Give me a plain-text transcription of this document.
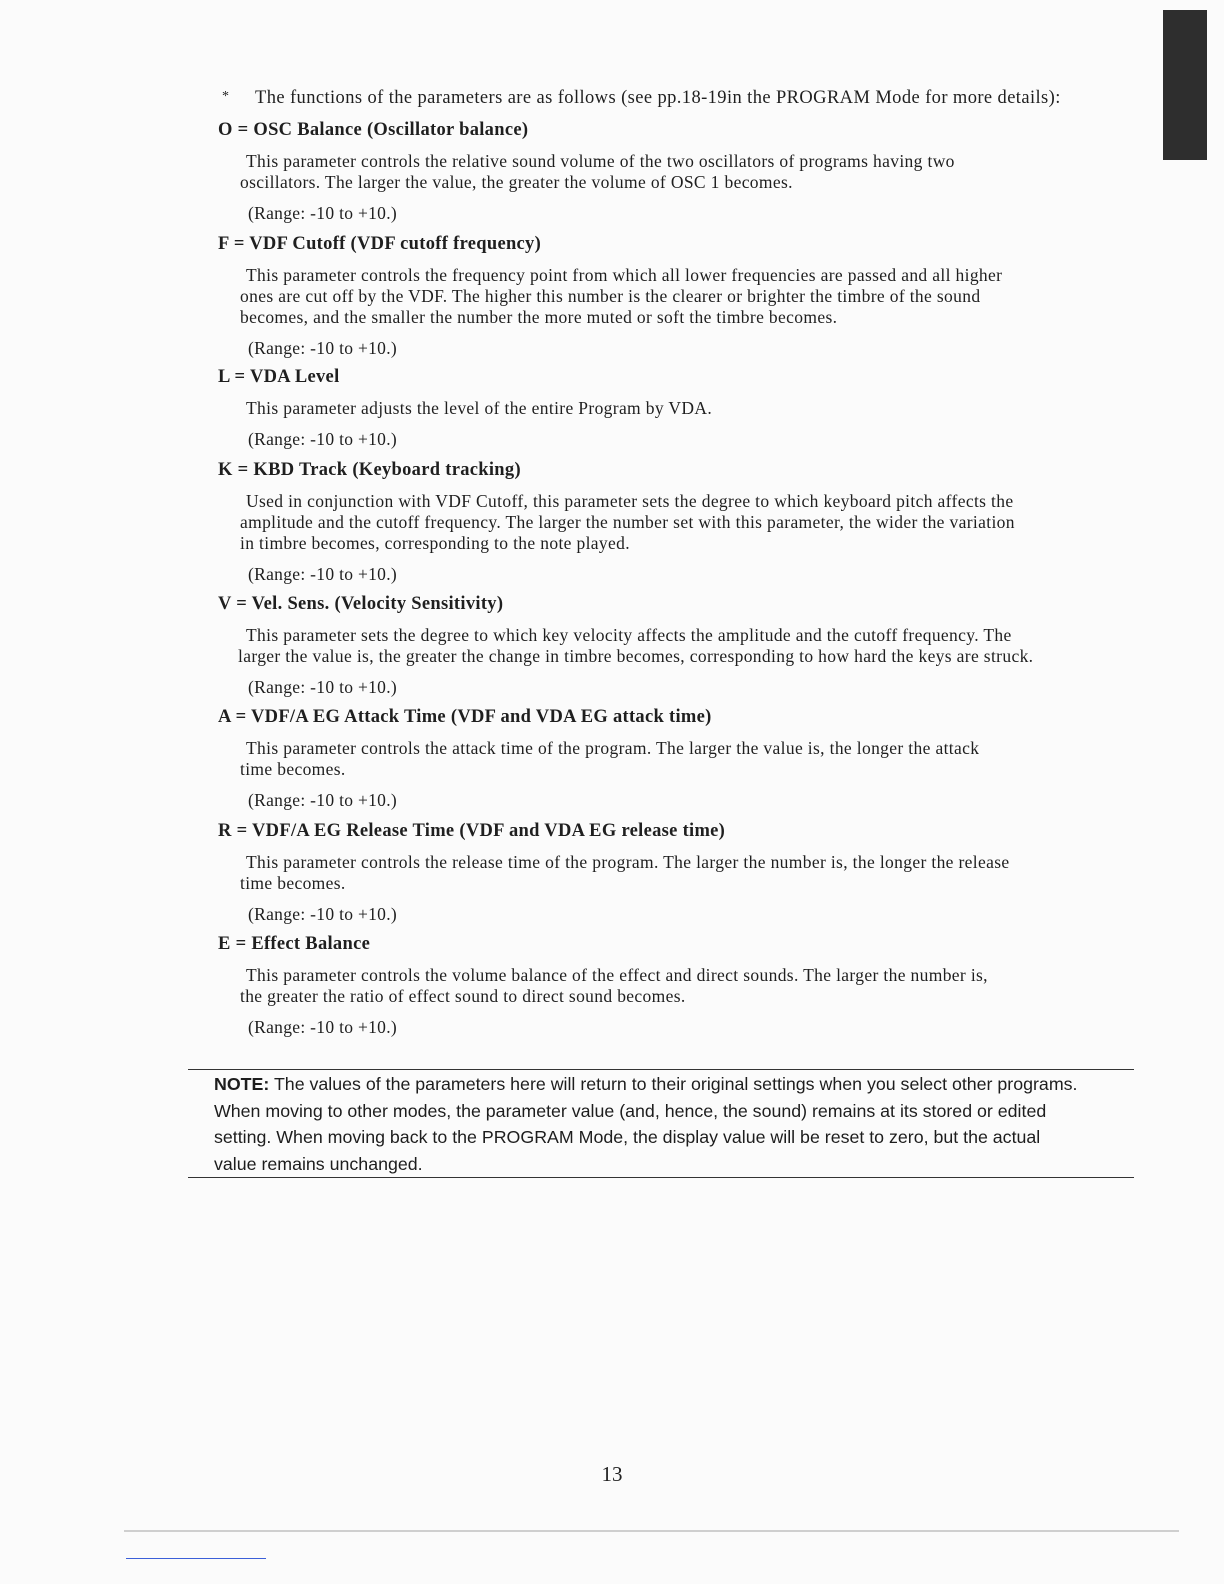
* The functions of the parameters are as follows (see pp.18-19in the PROGRAM Mode for more details):
O = OSC Balance (Oscillator balance)
This parameter controls the relative sound volume of the two oscillators of programs having two
oscillators. The larger the value, the greater the volume of OSC 1 becomes.
(Range: -10 to +10.)
F = VDF Cutoff (VDF cutoff frequency)
This parameter controls the frequency point from which all lower frequencies are passed and all higher
ones are cut off by the VDF. The higher this number is the clearer or brighter the timbre of the sound
becomes, and the smaller the number the more muted or soft the timbre becomes.
(Range: -10 to +10.)
L = VDA Level
This parameter adjusts the level of the entire Program by VDA.
(Range: -10 to +10.)
K = KBD Track (Keyboard tracking)
Used in conjunction with VDF Cutoff, this parameter sets the degree to which keyboard pitch affects the
amplitude and the cutoff frequency. The larger the number set with this parameter, the wider the variation
in timbre becomes, corresponding to the note played.
(Range: -10 to +10.)
V = Vel. Sens. (Velocity Sensitivity)
This parameter sets the degree to which key velocity affects the amplitude and the cutoff frequency. The
larger the value is, the greater the change in timbre becomes, corresponding to how hard the keys are struck.
(Range: -10 to +10.)
A = VDF/A EG Attack Time (VDF and VDA EG attack time)
This parameter controls the attack time of the program. The larger the value is, the longer the attack
time becomes.
(Range: -10 to +10.)
R = VDF/A EG Release Time (VDF and VDA EG release time)
This parameter controls the release time of the program. The larger the number is, the longer the release
time becomes.
(Range: -10 to +10.)
E = Effect Balance
This parameter controls the volume balance of the effect and direct sounds. The larger the number is,
the greater the ratio of effect sound to direct sound becomes.
(Range: -10 to +10.)
NOTE: The values of the parameters here will return to their original settings when you select other programs.
When moving to other modes, the parameter value (and, hence, the sound) remains at its stored or edited
setting. When moving back to the PROGRAM Mode, the display value will be reset to zero, but the actual
value remains unchanged.
13
